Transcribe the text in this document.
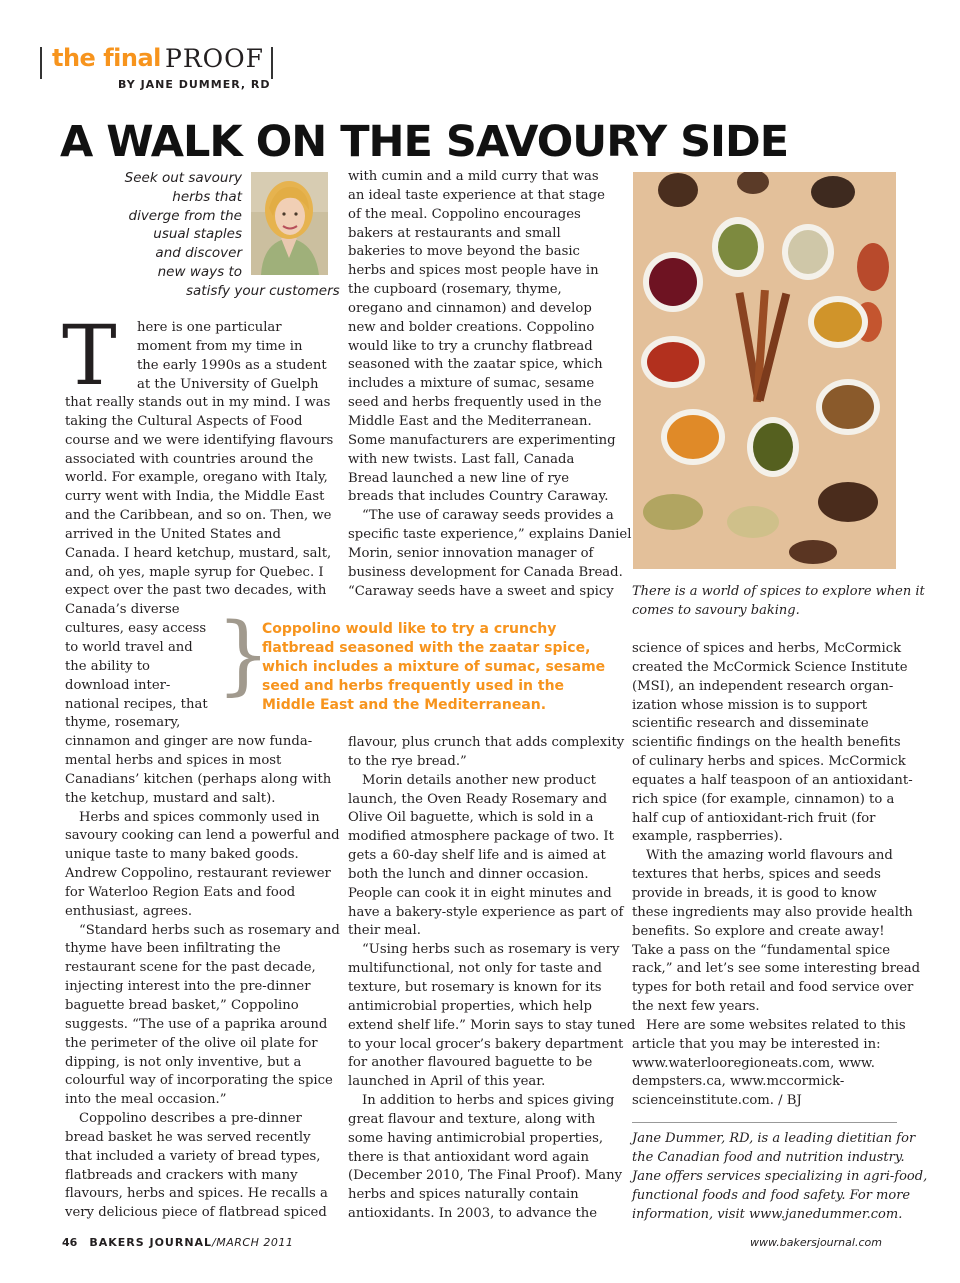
the final PROOF
BY JANE DUMMER, RD
A WALK ON THE SAVOURY SIDE
Seek out savoury
herbs that
diverge from the
usual staples
and discover
new ways to
satisfy your customers
T here is one particular
moment from my time in
the early 1990s as a student
at the University of Guelph
that really stands out in my mind. I was
taking the Cultural Aspects of Food
course and we were identifying flavours
associated with countries around the
world. For example, oregano with Italy,
curry went with India, the Middle East
and the Caribbean, and so on. Then, we
arrived in the United States and
Canada. I heard ketchup, mustard, salt,
and, oh yes, maple syrup for Quebec. I
expect over the past two decades, with
Canada’s diverse
cultures, easy access
to world travel and
the ability to
download inter-
national recipes, that
thyme, rosemary,
cinnamon and ginger are now funda-
mental herbs and spices in most
Canadians’ kitchen (perhaps along with
the ketchup, mustard and salt).
Herbs and spices commonly used in
savoury cooking can lend a powerful and
unique taste to many baked goods.
Andrew Coppolino, restaurant reviewer
for Waterloo Region Eats and food
enthusiast, agrees.
“Standard herbs such as rosemary and
thyme have been infiltrating the
restaurant scene for the past decade,
injecting interest into the pre-dinner
baguette bread basket,” Coppolino
suggests. “The use of a paprika around
the perimeter of the olive oil plate for
dipping, is not only inventive, but a
colourful way of incorporating the spice
into the meal occasion.”
Coppolino describes a pre-dinner
bread basket he was served recently
that included a variety of bread types,
flatbreads and crackers with many
flavours, herbs and spices. He recalls a
very delicious piece of flatbread spiced
with cumin and a mild curry that was
an ideal taste experience at that stage
of the meal. Coppolino encourages
bakers at restaurants and small
bakeries to move beyond the basic
herbs and spices most people have in
the cupboard (rosemary, thyme,
oregano and cinnamon) and develop
new and bolder creations. Coppolino
would like to try a crunchy flatbread
seasoned with the zaatar spice, which
includes a mixture of sumac, sesame
seed and herbs frequently used in the
Middle East and the Mediterranean.
Some manufacturers are experimenting
with new twists. Last fall, Canada
Bread launched a new line of rye
breads that includes Country Caraway.
“The use of caraway seeds provides a
specific taste experience,” explains Daniel
Morin, senior innovation manager of
business development for Canada Bread.
“Caraway seeds have a sweet and spicy
}
Coppolino would like to try a crunchy
flatbread seasoned with the zaatar spice,
which includes a mixture of sumac, sesame
seed and herbs frequently used in the
Middle East and the Mediterranean.
flavour, plus crunch that adds complexity
to the rye bread.”
Morin details another new product
launch, the Oven Ready Rosemary and
Olive Oil baguette, which is sold in a
modified atmosphere package of two. It
gets a 60-day shelf life and is aimed at
both the lunch and dinner occasion.
People can cook it in eight minutes and
have a bakery-style experience as part of
their meal.
“Using herbs such as rosemary is very
multifunctional, not only for taste and
texture, but rosemary is known for its
antimicrobial properties, which help
extend shelf life.” Morin says to stay tuned
to your local grocer’s bakery department
for another flavoured baguette to be
launched in April of this year.
In addition to herbs and spices giving
great flavour and texture, along with
some having antimicrobial properties,
there is that antioxidant word again
(December 2010, The Final Proof). Many
herbs and spices naturally contain
antioxidants. In 2003, to advance the
There is a world of spices to explore when it
comes to savoury baking.
science of spices and herbs, McCormick
created the McCormick Science Institute
(MSI), an independent research organ-
ization whose mission is to support
scientific research and disseminate
scientific findings on the health benefits
of culinary herbs and spices. McCormick
equates a half teaspoon of an antioxidant-
rich spice (for example, cinnamon) to a
half cup of antioxidant-rich fruit (for
example, raspberries).
With the amazing world flavours and
textures that herbs, spices and seeds
provide in breads, it is good to know
these ingredients may also provide health
benefits. So explore and create away!
Take a pass on the “fundamental spice
rack,” and let’s see some interesting bread
types for both retail and food service over
the next few years.
Here are some websites related to this
article that you may be interested in:
www.waterlooregioneats.com, www.
dempsters.ca, www.mccormick-
scienceinstitute.com. / BJ
Jane Dummer, RD, is a leading dietitian for
the Canadian food and nutrition industry.
Jane offers services specializing in agri-food,
functional foods and food safety. For more
information, visit www.janedummer.com.
46 BAKERS JOURNAL/MARCH 2011	www.bakersjournal.com
